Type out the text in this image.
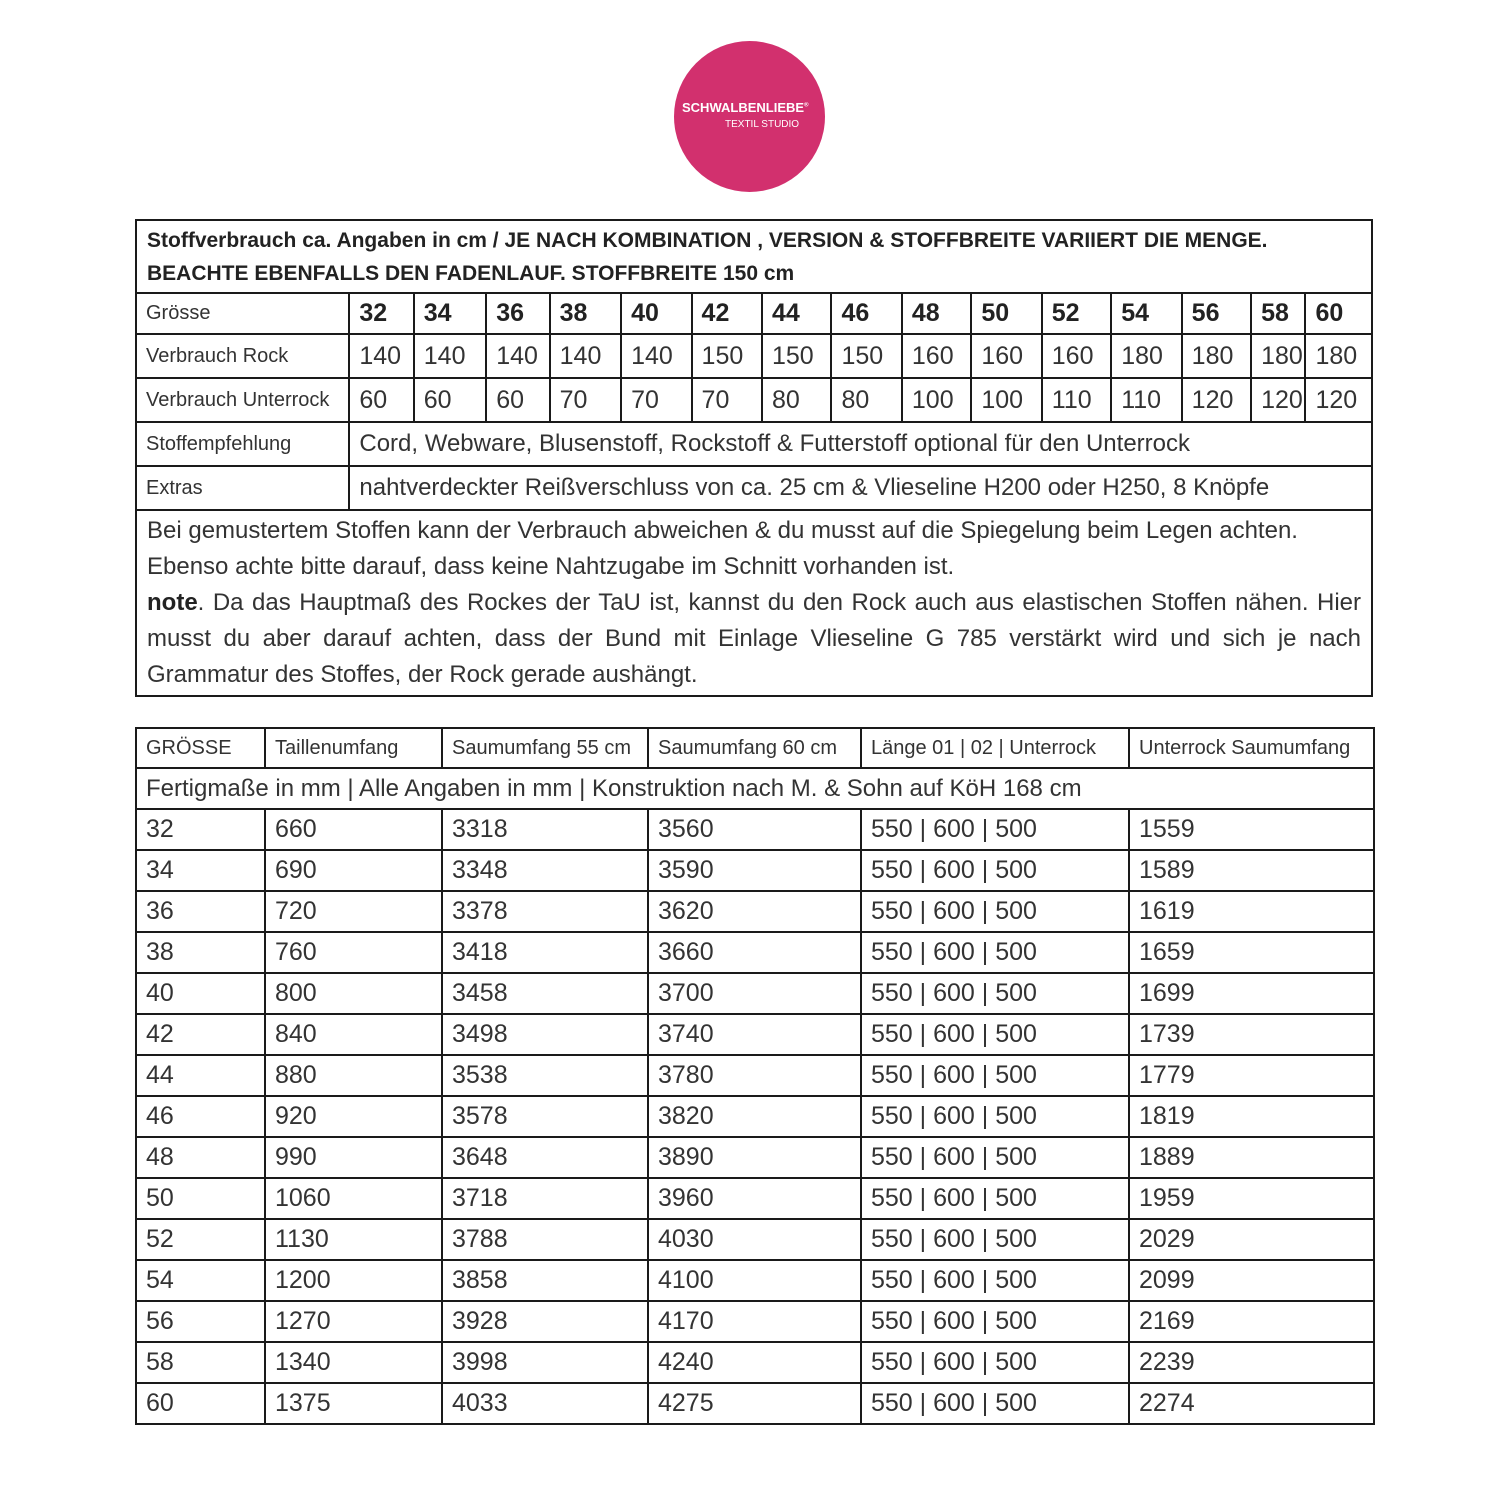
SCHWALBENLIEBE®
TEXTIL STUDIO
Stoffverbrauch ca. Angaben in cm / JE NACH KOMBINATION , VERSION & STOFFBREITE VARIIERT DIE MENGE.
BEACHTE EBENFALLS DEN FADENLAUF. STOFFBREITE 150 cm															

Grösse	32	34	36	38	40	42	44	46	48	50	52	54	56	58	60
Verbrauch Rock	140	140	140	140	140	150	150	150	160	160	160	180	180	180	180
Verbrauch Unterrock	60	60	60	70	70	70	80	80	100	100	110	110	120	120	120
Stoffempfehlung	Cord, Webware, Blusenstoff, Rockstoff & Futterstoff optional für den Unterrock														
Extras	nahtverdeckter Reißverschluss von ca. 25 cm & Vlieseline H200 oder H250, 8 Knöpfe														

Bei gemustertem Stoffen kann der Verbrauch abweichen & du musst auf die Spiegelung beim Legen achten.
Ebenso achte bitte darauf, dass keine Nahtzugabe im Schnitt vorhanden ist.
note. Da das Hauptmaß des Rockes der TaU ist, kannst du den Rock auch aus elastischen Stoffen nähen. Hier musst du aber darauf achten, dass der Bund mit Einlage Vlieseline G 785 verstärkt wird und sich je nach Grammatur des Stoffes, der Rock gerade aushängt.															
GRÖSSE	Taillenumfang	Saumumfang 55 cm	Saumumfang 60 cm	Länge 01 | 02 | Unterrock	Unterrock Saumumfang
Fertigmaße in mm | Alle Angaben in mm | Konstruktion nach M. & Sohn auf KöH 168 cm					
32	660	3318	3560	550 | 600 | 500	1559
34	690	3348	3590	550 | 600 | 500	1589
36	720	3378	3620	550 | 600 | 500	1619
38	760	3418	3660	550 | 600 | 500	1659
40	800	3458	3700	550 | 600 | 500	1699
42	840	3498	3740	550 | 600 | 500	1739
44	880	3538	3780	550 | 600 | 500	1779
46	920	3578	3820	550 | 600 | 500	1819
48	990	3648	3890	550 | 600 | 500	1889
50	1060	3718	3960	550 | 600 | 500	1959
52	1130	3788	4030	550 | 600 | 500	2029
54	1200	3858	4100	550 | 600 | 500	2099
56	1270	3928	4170	550 | 600 | 500	2169
58	1340	3998	4240	550 | 600 | 500	2239
60	1375	4033	4275	550 | 600 | 500	2274
